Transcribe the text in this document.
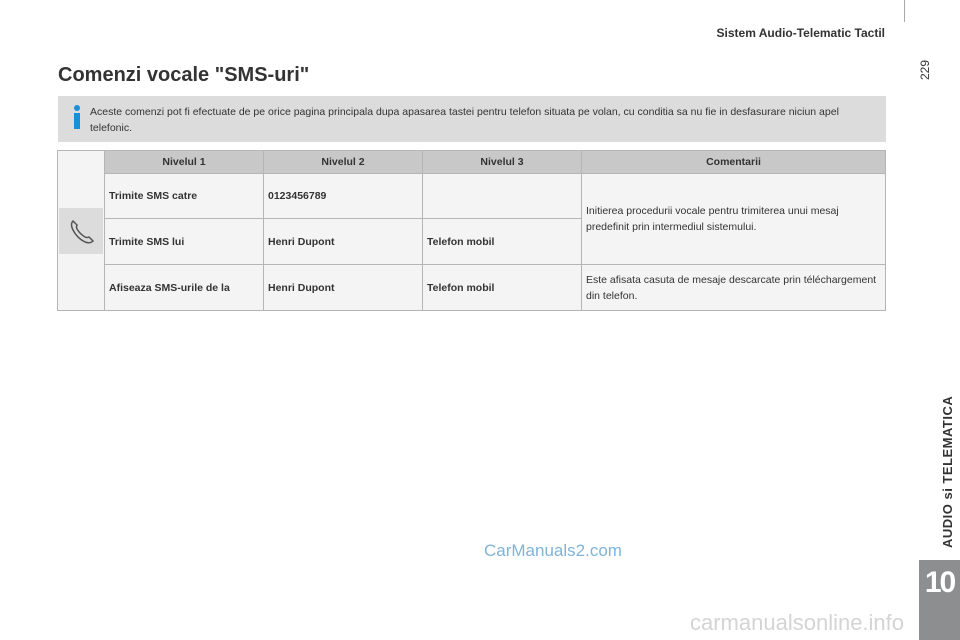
Sistem Audio-Telematic Tactil
229
AUDIO si TELEMATICA
10
Comenzi vocale "SMS-uri"
Aceste comenzi pot fi efectuate de pe orice pagina principala dupa apasarea tastei pentru telefon situata pe volan, cu conditia sa nu fie in desfasurare niciun apel telefonic.
	Nivelul 1	Nivelul 2	Nivelul 3	Comentarii
	Trimite SMS catre	0123456789		Initierea procedurii vocale pentru trimiterea unui mesaj predefinit prin intermediul sistemului.
	Trimite SMS lui	Henri Dupont	Telefon mobil	
	Afiseaza SMS-urile de la	Henri Dupont	Telefon mobil	Este afisata casuta de mesaje descarcate prin téléchargement din telefon.
CarManuals2.com
carmanualsonline.info
